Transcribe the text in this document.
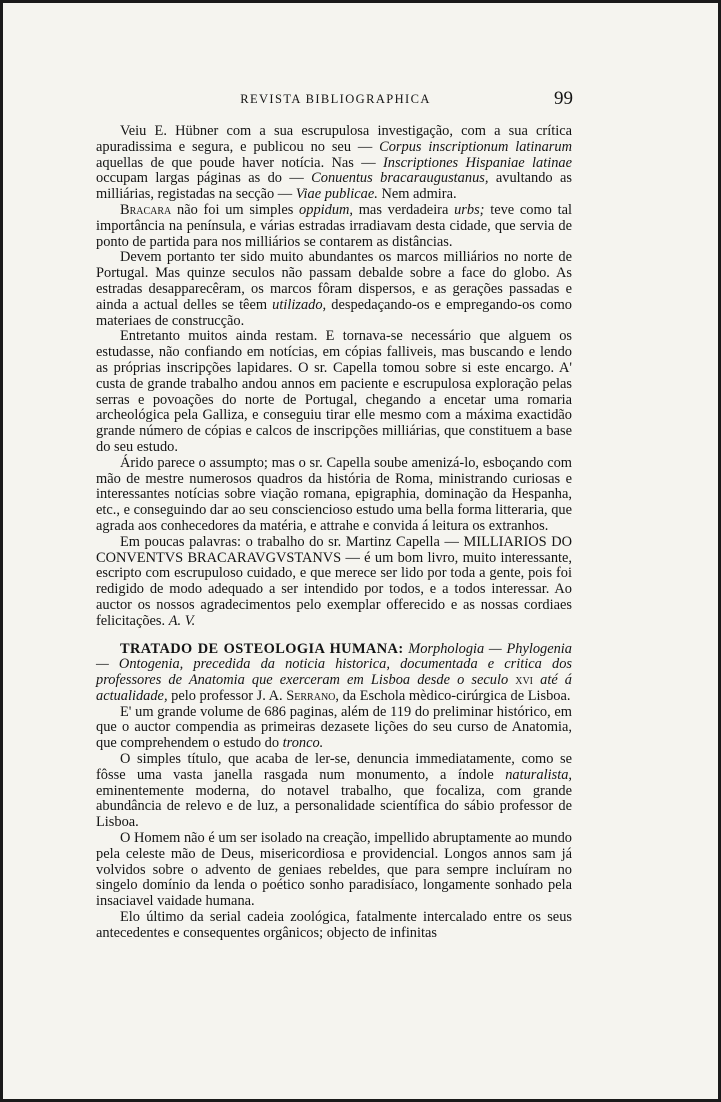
REVISTA BIBLIOGRAPHICA	99

Veiu E. Hübner com a sua escrupulosa investigação, com a sua crítica apuradissima e segura, e publicou no seu — Corpus inscriptionum latinarum aquellas de que poude haver notícia. Nas — Inscriptiones Hispaniae latinae occupam largas páginas as do — Conuentus bracaraugustanus, avultando as milliárias, registadas na secção — Viae publicae. Nem admira.

Bracara não foi um simples oppidum, mas verdadeira urbs; teve como tal importância na península, e várias estradas irradiavam desta cidade, que servia de ponto de partida para nos milliários se contarem as distâncias.

Devem portanto ter sido muito abundantes os marcos milliários no norte de Portugal. Mas quinze seculos não passam debalde sobre a face do globo. As estradas desapparecêram, os marcos fôram dispersos, e as gerações passadas e ainda a actual delles se têem utilizado, despedaçando-os e empregando-os como materiaes de construcção.

Entretanto muitos ainda restam. E tornava-se necessário que alguem os estudasse, não confiando em notícias, em cópias falliveis, mas buscando e lendo as próprias inscripções lapidares. O sr. Capella tomou sobre si este encargo. A' custa de grande trabalho andou annos em paciente e escrupulosa exploração pelas serras e povoações do norte de Portugal, chegando a encetar uma romaria archeológica pela Galliza, e conseguiu tirar elle mesmo com a máxima exactidão grande número de cópias e calcos de inscripções milliárias, que constituem a base do seu estudo.

Árido parece o assumpto; mas o sr. Capella soube amenizá-lo, esboçando com mão de mestre numerosos quadros da história de Roma, ministrando curiosas e interessantes notícias sobre viação romana, epigraphia, dominação da Hespanha, etc., e conseguindo dar ao seu conscienciosо estudo uma bella forma litteraria, que agrada aos conhecedores da matéria, e attrahe e convida á leitura os extranhos.

Em poucas palavras: o trabalho do sr. Martinz Capella — MILLIARIOS DO CONVENTVS BRACARAVGVSTANVS — é um bom livro, muito interessante, escripto com escrupuloso cuidado, e que merece ser lido por toda a gente, pois foi redigido de modo adequado a ser intendido por todos, e a todos interessar. Ao auctor os nossos agradecimentos pelo exemplar offerecido e as nossas cordiaes felicitações. A. V.

TRATADO DE OSTEOLOGIA HUMANA: Morphologia — Phylogenia — Ontogenia, precedida da noticia historica, documentada e critica dos professores de Anatomia que exerceram em Lisboa desde o seculo xvi até á actualidade, pelo professor J. A. Serrano, da Eschola mèdico-cirúrgica de Lisboa.

E' um grande volume de 686 paginas, além de 119 do preliminar histórico, em que o auctor compendia as primeiras dezasete lições do seu curso de Anatomia, que comprehendem o estudo do tronco.

O simples título, que acaba de ler-se, denuncia immediatamente, como se fôsse uma vasta janella rasgada num monumento, a índole naturalista, eminentemente moderna, do notavel trabalho, que focaliza, com grande abundância de relevo e de luz, a personalidade scientífica do sábio professor de Lisboa.

O Homem não é um ser isolado na creação, impellido abruptamente ao mundo pela celeste mão de Deus, misericordiosa e providencial. Longos annos sam já volvidos sobre o advento de geniaes rebeldes, que para sempre incluíram no singelo domínio da lenda o poético sonho paradisíaco, longamente sonhado pela insaciavel vaidade humana.

Elo último da serial cadeia zoológica, fatalmente intercalado entre os seus antecedentes e consequentes orgânicos; objecto de infinitas
